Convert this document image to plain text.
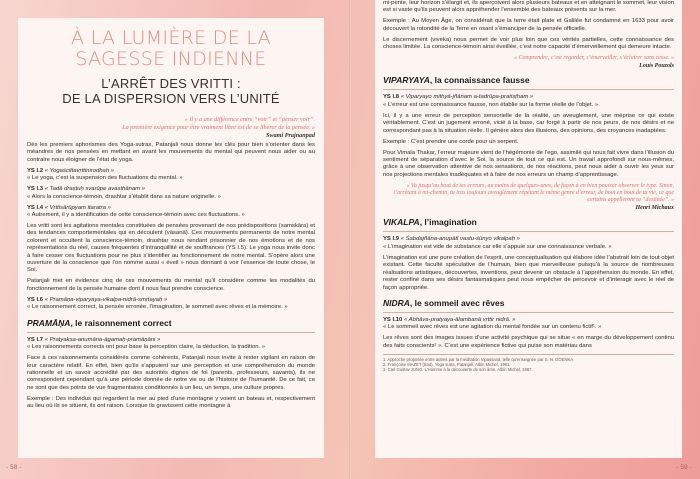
À LA LUMIÈRE DE LA
SAGESSE INDIENNE
L’ARRÊT DES VRITTI :
DE LA DISPERSION VERS L’UNITÉ
« Il y a une différence entre “voir” et “penser voir”.
La première exigence pour être vraiment libre est de se libérer de la pensée. »
Swami Prajnanpad

Dès les premiers aphorismes des Yoga-sutras, Patanjali nous donne les clés pour bien s’orienter dans les méandres de nos pensées en mettant en avant les mouvements du mental qui peuvent nous aider ou au contraire nous éloigner de l’état de yoga.

YS I.2 « Yogaścittavṛttinirodhaḥ »

« Le yoga, c’est la suspension des fluctuations du mental. »

YS I.3 « Tadā draṣṭuḥ svarūpe avasthānam »

« Alors la conscience-témoin, drashtar s’établit dans sa nature originelle. »

YS I.4 « Vṛttisārūpyam itaratra »

« Autrement, il y a identification de cette conscience-témoin avec ces fluctuations. »

Les vritti sont les agitations mentales constituées de pensées provenant de nos prédispositions (samskāra) et des tendances comportementales qui en découlent (vāsanā). Ces mouvements permanents de notre mental colorent et occultent la conscience-témoin, drashtar nous rendant prisonnier de nos émotions et de nos représentations du réel, causes fréquentes d’intranquillité et de souffrances (YS I.5). Le yoga nous invite donc à faire cesser ces fluctuations pour ne plus s’identifier au fonctionnement de notre mental. S’opère alors une ouverture de la conscience que l’on nomme aussi « éveil » nous donnant à voir l’essence de toute chose, le Soi.

Patanjali met en évidence cinq de ces mouvements du mental qu’il considère comme les modalités du fonctionnement de la pensée humaine dont il nous faut prendre conscience.

YS I.6 « Pramāṇa-viparyaya-vikalpa-nidrā-smṛtayaḥ »

« Le raisonnement correct, la pensée erronée, l’imagination, le sommeil avec rêves et la mémoire. »

PRAMĀṆA, le raisonnement correct
YS I.7 « Pratyakṣa-anumāna-āgamaḥ-pramāṇāni »

« Les raisonnements corrects ont pour base la perception claire, la déduction, la tradition. »

Face à ces raisonnements considérés comme cohérents, Patanjali nous invite à rester vigilant en raison de leur caractère relatif. En effet, bien qu’ils s’appuient sur une perception et une compréhension du monde rationnelle et un savoir accrédité par des autorités dignes de foi (parents, professeurs, savants), ils ne correspondent cependant qu’à une période donnée de notre vie ou de l’histoire de l’humanité. De ce fait, ce ne sont que des points de vue fragmentaires conditionnés à un lieu, un temps, une culture propres.

Exemple : Des individus qui regardent la mer au pied d’une montagne y voient un bateau et, respectivement au lieu où ils se situent, ils ont raison. Lorsque ils gravissent cette montagne à

- 58 -

mi-pente, leur horizon s’élargit et, ils aperçoivent alors plusieurs bateaux et en atteignant le sommet, leur vision est si vaste qu’ils peuvent alors appréhender l’ensemble des bateaux présents sur la mer.

Exemple : Au Moyen Âge, on considérait que la terre était plate et Galilée fut condamné en 1633 pour avoir découvert la rotondité de la Terre en osant s’émanciper de la pensée officielle.

Le discernement (viveka) nous permet de voir plus loin que ces vérités partielles, cette connaissance des choses limitée. La conscience-témoin ainsi éveillée, c’est notre capacité d’émerveillement qui demeure intacte.

« Comprendre, c’est regarder, s’émerveiller, s’éclairer sans cesse. »
Louis Pouzols
VIPARYAYA, la connaissance fausse
YS I.8 « Viparyayo mithyā-jñānam a-tadrūpa-pratiṣṭham »

« L’erreur est une connaissance fausse, non établie sur la forme réelle de l’objet. »

Ici, il y a une erreur de perception sensorielle de la réalité, un aveuglement, une méprise ce qui existe véritablement. C’est un jugement erroné, vicié à la base, car forgé à partir de nos peurs, de nos désirs et ne correspondant pas à la situation réelle. Il génère alors des illusions, des opinions, des croyances inadaptées.

Exemple : C’est prendre une corde pour un serpent.

Pour Vimala Thakar, l’erreur majeure vient de l’hégémonie de l’ego, assimilé qui nous fait vivre dans l’illusion du sentiment de séparation d’avec le Soi, la source de tout ce qui est. Un travail approfondi sur nous-mêmes, grâce à une observation attentive de nos sensations, de nos réactions, peut nous aider à ouvrir les yeux sur nos projections mentales inadéquates et à faire de nos erreurs un champ d’apprentissage.

« Va jusqu’au bout de tes erreurs, au moins de quelques-unes, de façon à en bien pouvoir observer le type. Sinon, t’arrêtant à mi-chemin, tu iras toujours aveuglément répétant le même genre d’erreur, de bout en bout de ta vie, ce que certains appelleront ta “destinée”. »
Henri Michaux
VIKALPA, l’imagination
YS I.9 « Śabdajñāna-anupātī vastu-śūnyo vikalpaḥ »

« L’imagination est vide de substance car elle s’appuie sur une connaissance verbale. »

L’imagination est une pure création de l’esprit, une conceptualisation qui élabore idée l’abstrait loin de tout objet existant. Cette faculté spéculative de l’humain, bien que merveilleuse puisqu’à la source de nombreuses réalisations artistiques, découvertes, inventions, peut devenir un obstacle à l’appréhension du monde. En effet, rester confiné dans ses désirs fantasmatiques peut nous empêcher de percevoir et d’interagir avec le réel de façon appropriée.

NIDRA, le sommeil avec rêves
YS I.10 « Abhāva-pratyaya-ālambanā vṛttir nidrā. »

« Le sommeil avec rêves est une agitation du mental fondée sur un contenu fictif¹. »

Les rêves sont des images issues d’une activité psychique qui se situe « en marge du développement continu des faits conscients² ». C’est une expérience fictive qui puise son matériau dans

1. Approche proposée entre autres par la méditation Vipassanā, telle qu’enseignée par S. N. GOENKA.
2. Françoise MAZET (trad). Yoga sutra, Patanjali, Albin Michel, 1991.
3. Carl Gustav JUNG. L’Homme à la découverte de son âme, Albin Michel, 1987.
- 59 -
